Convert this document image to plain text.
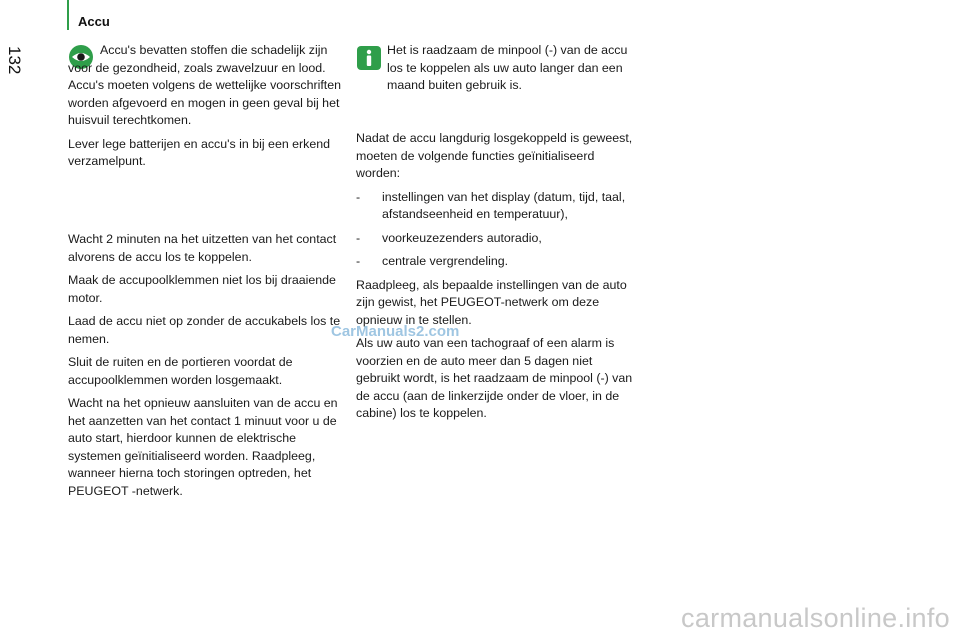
Accu
132	Accu's bevatten stoffen die schadelijk zijn voor de gezondheid, zoals zwavelzuur en lood. Accu's moeten volgens de wettelijke voorschriften worden afgevoerd en mogen in geen geval bij het huisvuil terechtkomen.

Lever lege batterijen en accu's in bij een erkend verzamelpunt.

Wacht 2 minuten na het uitzetten van het contact alvorens de accu los te koppelen.

Maak de accupoolklemmen niet los bij draaiende motor.

Laad de accu niet op zonder de accukabels los te nemen.

Sluit de ruiten en de portieren voordat de accupoolklemmen worden losgemaakt.

Wacht na het opnieuw aansluiten van de accu en het aanzetten van het contact 1 minuut voor u de auto start, hierdoor kunnen de elektrische systemen geïnitialiseerd worden. Raadpleeg, wanneer hierna toch storingen optreden, het PEUGEOT -netwerk.

Het is raadzaam de minpool (-) van de accu los te koppelen als uw auto langer dan een maand buiten gebruik is.

Nadat de accu langdurig losgekoppeld is geweest, moeten de volgende functies geïnitialiseerd worden:

- instellingen van het display (datum, tijd, taal, afstandseenheid en temperatuur),
- voorkeuzezenders autoradio,
- centrale vergrendeling.

Raadpleeg, als bepaalde instellingen van de auto zijn gewist, het PEUGEOT-netwerk om deze opnieuw in te stellen.

Als uw auto van een tachograaf of een alarm is voorzien en de auto meer dan 5 dagen niet gebruikt wordt, is het raadzaam de minpool (-) van de accu (aan de linkerzijde onder de vloer, in de cabine) los te koppelen.

CarManuals2.com
carmanualsonline.info
